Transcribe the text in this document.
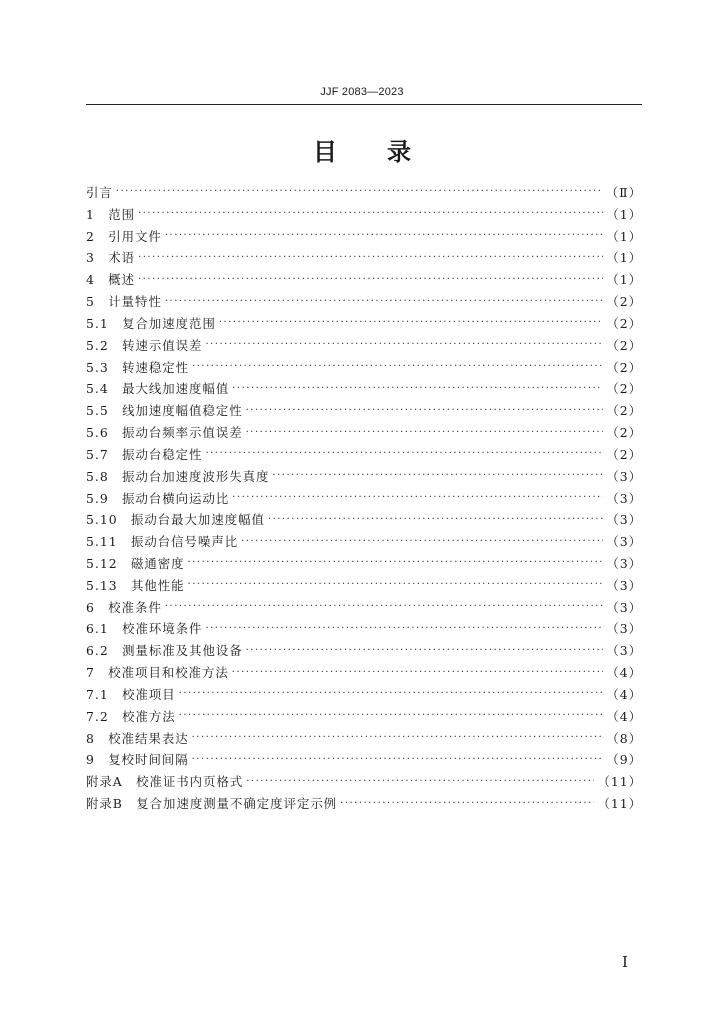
JJF 2083—2023
目 录
引言 ·····	（Ⅱ）
1　范围 ·····	（1）
2　引用文件 ·····	（1）
3　术语 ·····	（1）
4　概述 ·····	（1）
5　计量特性 ·····	（2）
5.1　复合加速度范围 ·····	（2）
5.2　转速示值误差 ·····	（2）
5.3　转速稳定性 ·····	（2）
5.4　最大线加速度幅值 ·····	（2）
5.5　线加速度幅值稳定性 ·····	（2）
5.6　振动台频率示值误差 ·····	（2）
5.7　振动台稳定性 ·····	（2）
5.8　振动台加速度波形失真度 ·····	（3）
5.9　振动台横向运动比 ·····	（3）
5.10　振动台最大加速度幅值 ·····	（3）
5.11　振动台信号噪声比 ·····	（3）
5.12　磁通密度 ·····	（3）
5.13　其他性能 ·····	（3）
6　校准条件 ·····	（3）
6.1　校准环境条件 ·····	（3）
6.2　测量标准及其他设备 ·····	（3）
7　校准项目和校准方法 ·····	（4）
7.1　校准项目 ·····	（4）
7.2　校准方法 ·····	（4）
8　校准结果表达 ·····	（8）
9　复校时间间隔 ·····	（9）
附录A　校准证书内页格式 ·····	（11）
附录B　复合加速度测量不确定度评定示例 ·····	（11）
Ⅰ
